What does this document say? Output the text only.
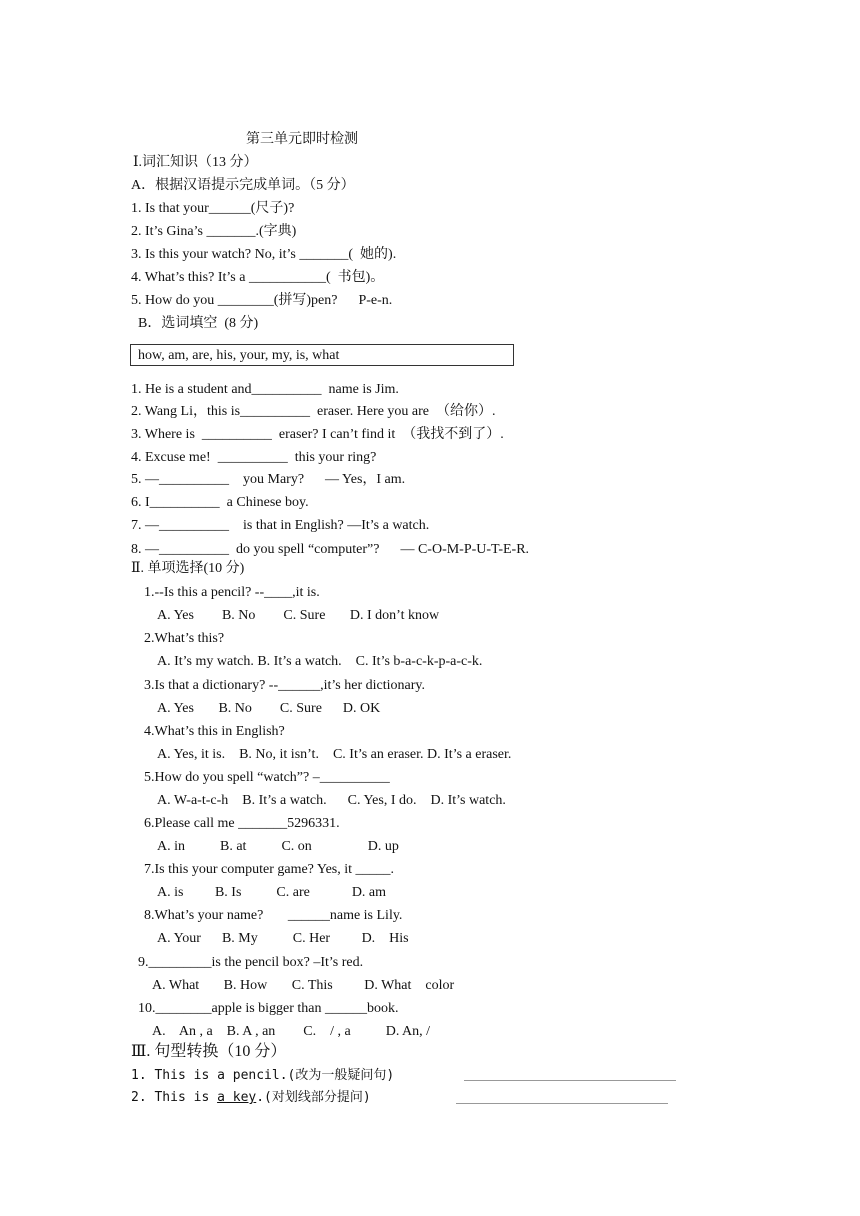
第三单元即时检测
Ⅰ.词汇知识（13 分）
A．根据汉语提示完成单词。（5 分）
1. Is that your______(尺子)?
2. It’s Gina’s _______.(字典)
3. Is this your watch? No, it’s _______(  她的).
4. What’s this? It’s a ___________(  书包)。
5. How do you ________(拼写)pen?      P-e-n.
B．选词填空  (8 分)
how, am, are, his, your, my, is, what
1. He is a student and__________  name is Jim.
2. Wang Li，this is__________  eraser. Here you are  （给你）.
3. Where is  __________  eraser? I can’t find it  （我找不到了）.
4. Excuse me!  __________  this your ring?
5. —__________    you Mary?      — Yes，I am.
6. I__________  a Chinese boy.
7. —__________    is that in English? —It’s a watch.
8. —__________  do you spell “computer”?      — C-O-M-P-U-T-E-R.
Ⅱ. 单项选择(10 分)
1.--Is this a pencil? --____,it is.
A. Yes        B. No        C. Sure       D. I don’t know
2.What’s this?
A. It’s my watch. B. It’s a watch.    C. It’s b-a-c-k-p-a-c-k.
3.Is that a dictionary? --______,it’s her dictionary.
A. Yes       B. No        C. Sure      D. OK
4.What’s this in English?
A. Yes, it is.    B. No, it isn’t.    C. It’s an eraser. D. It’s a eraser.
5.How do you spell “watch”? –__________
A. W-a-t-c-h    B. It’s a watch.      C. Yes, I do.    D. It’s watch.
6.Please call me _______5296331.
A. in          B. at          C. on                D. up
7.Is this your computer game? Yes, it _____.
A. is         B. Is          C. are            D. am
8.What’s your name?       ______name is Lily.
A. Your      B. My          C. Her         D.    His
9._________is the pencil box? –It’s red.
A. What       B. How       C. This         D. What    color
10.________apple is bigger than ______book.
A.    An , a    B. A , an        C.    / , a          D. An, /
Ⅲ. 句型转换（10 分）
1. This is a pencil.(改为一般疑问句)
2. This is a key.(对划线部分提问)
